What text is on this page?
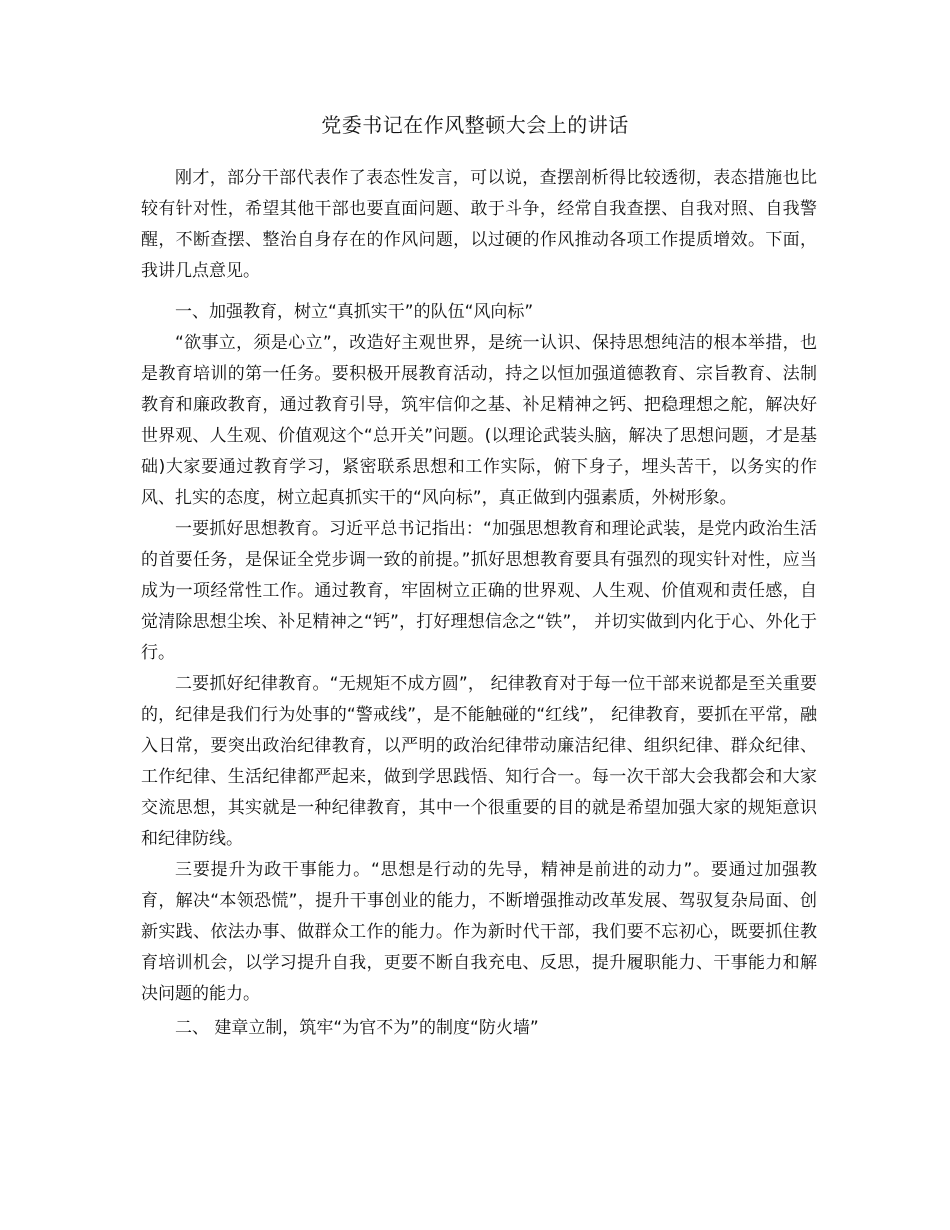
党委书记在作风整顿大会上的讲话

刚才，部分干部代表作了表态性发言，可以说，查摆剖析得比较透彻，表态措施也比较有针对性，希望其他干部也要直面问题、敢于斗争，经常自我查摆、自我对照、自我警醒，不断查摆、整治自身存在的作风问题，以过硬的作风推动各项工作提质增效。下面，我讲几点意见。

一、加强教育，树立“真抓实干”的队伍“风向标”

“欲事立，须是心立”，改造好主观世界，是统一认识、保持思想纯洁的根本举措，也是教育培训的第一任务。要积极开展教育活动，持之以恒加强道德教育、宗旨教育、法制教育和廉政教育，通过教育引导，筑牢信仰之基、补足精神之钙、把稳理想之舵，解决好世界观、人生观、价值观这个“总开关”问题。(以理论武装头脑，解决了思想问题，才是基础)大家要通过教育学习，紧密联系思想和工作实际，俯下身子，埋头苦干，以务实的作风、扎实的态度，树立起真抓实干的“风向标”，真正做到内强素质，外树形象。

一要抓好思想教育。习近平总书记指出：“加强思想教育和理论武装，是党内政治生活的首要任务，是保证全党步调一致的前提。”抓好思想教育要具有强烈的现实针对性，应当成为一项经常性工作。通过教育，牢固树立正确的世界观、人生观、价值观和责任感，自觉清除思想尘埃、补足精神之“钙”，打好理想信念之“铁”， 并切实做到内化于心、外化于行。

二要抓好纪律教育。“无规矩不成方圆”， 纪律教育对于每一位干部来说都是至关重要的，纪律是我们行为处事的“警戒线”，是不能触碰的“红线”， 纪律教育，要抓在平常，融入日常，要突出政治纪律教育，以严明的政治纪律带动廉洁纪律、组织纪律、群众纪律、工作纪律、生活纪律都严起来，做到学思践悟、知行合一。每一次干部大会我都会和大家交流思想，其实就是一种纪律教育，其中一个很重要的目的就是希望加强大家的规矩意识和纪律防线。

三要提升为政干事能力。“思想是行动的先导，精神是前进的动力”。要通过加强教育，解决“本领恐慌”，提升干事创业的能力，不断增强推动改革发展、驾驭复杂局面、创新实践、依法办事、做群众工作的能力。作为新时代干部，我们要不忘初心，既要抓住教育培训机会，以学习提升自我，更要不断自我充电、反思，提升履职能力、干事能力和解决问题的能力。

二、 建章立制，筑牢“为官不为”的制度“防火墙”
